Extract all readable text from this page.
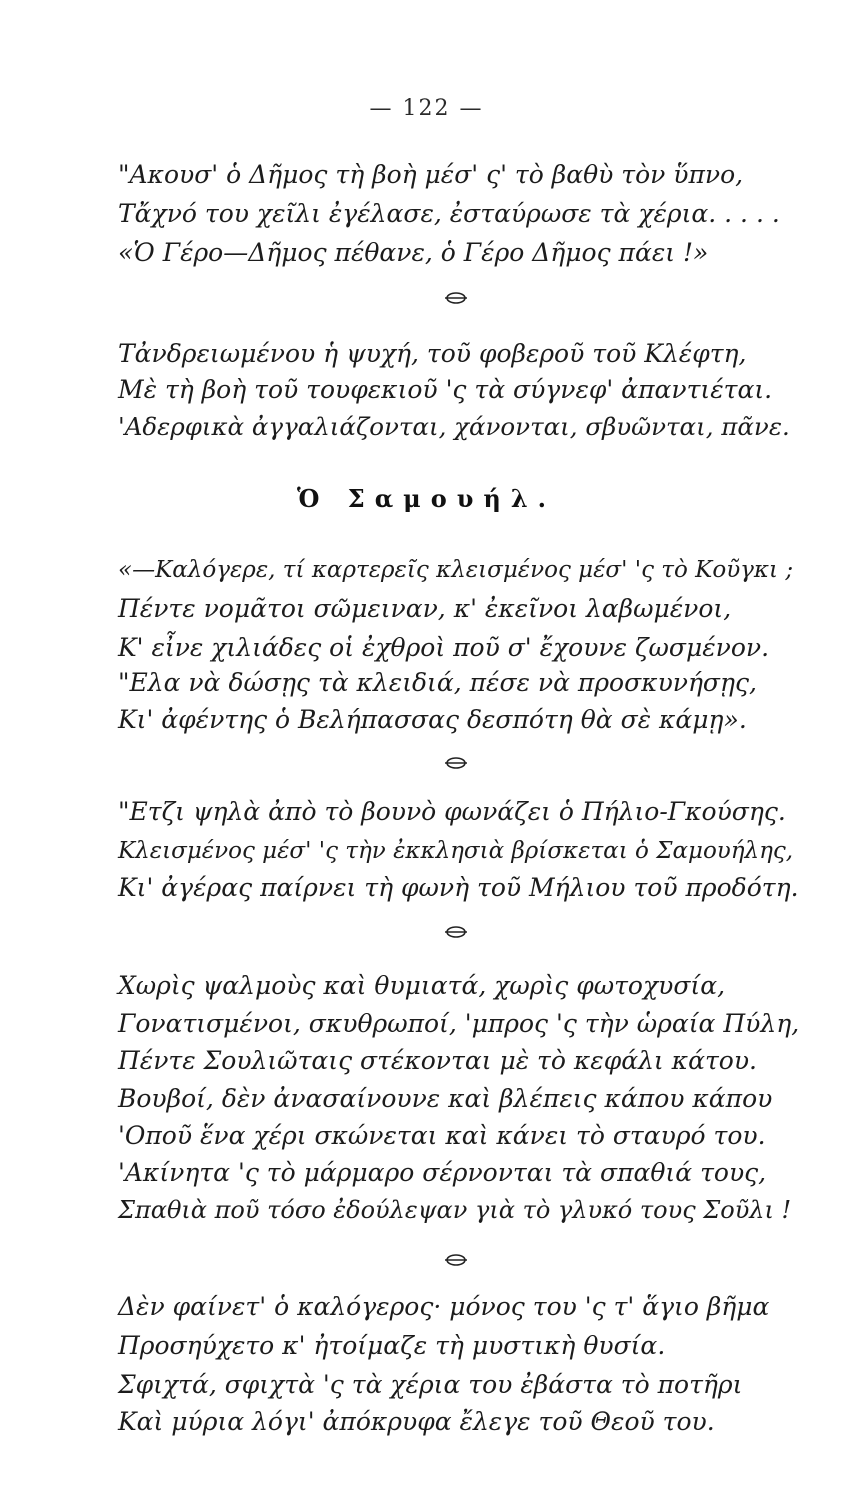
— 122 —
"Ακουσ' ὁ Δῆμος τὴ βοὴ μέσ' ς' τὸ βαθὺ τὸν ὕπνο,
Τἄχνό του χεῖλι ἐγέλασε, ἐσταύρωσε τὰ χέρια. . . . .
«Ὁ Γέρο—Δῆμος πέθανε, ὁ Γέρο Δῆμος πάει !»
Τἀνδρειωμένου ἡ ψυχή, τοῦ φοβεροῦ τοῦ Κλέφτη,
Μὲ τὴ βοὴ τοῦ τουφεκιοῦ 'ς τὰ σύγνεφ' ἀπαντιέται.
'Αδερφικὰ ἀγγαλιάζονται, χάνονται, σβυῶνται, πᾶνε.
Ὁ Σαμουήλ.
«—Καλόγερε, τί καρτερεῖς κλεισμένος μέσ' 'ς τὸ Κοῦγκι ;
Πέντε νομᾶτοι σῶμειναν, κ' ἐκεῖνοι λαβωμένοι,
Κ' εἶνε χιλιάδες οἱ ἐχθροὶ ποῦ σ' ἔχουνε ζωσμένον.
"Ελα νὰ δώσῃς τὰ κλειδιά, πέσε νὰ προσκυνήσῃς,
Κι' ἀφέντης ὁ Βελήπασσας δεσπότη θὰ σὲ κάμῃ».
"Ετζι ψηλὰ ἀπὸ τὸ βουνὸ φωνάζει ὁ Πήλιο-Γκούσης.
Κλεισμένος μέσ' 'ς τὴν ἐκκλησιὰ βρίσκεται ὁ Σαμουήλης,
Κι' ἀγέρας παίρνει τὴ φωνὴ τοῦ Μήλιου τοῦ προδότη.
Χωρὶς ψαλμοὺς καὶ θυμιατά, χωρὶς φωτοχυσία,
Γονατισμένοι, σκυθρωποί, 'μπρος 'ς τὴν ὡραία Πύλη,
Πέντε Σουλιῶταις στέκονται μὲ τὸ κεφάλι κάτου.
Βουβοί, δὲν ἀνασαίνουνε καὶ βλέπεις κάπου κάπου
'Οποῦ ἕνα χέρι σκώνεται καὶ κάνει τὸ σταυρό του.
'Ακίνητα 'ς τὸ μάρμαρο σέρνονται τὰ σπαθιά τους,
Σπαθιὰ ποῦ τόσο ἐδούλεψαν γιὰ τὸ γλυκό τους Σοῦλι !
Δὲν φαίνετ' ὁ καλόγερος· μόνος του 'ς τ' ἅγιο βῆμα
Προσηύχετο κ' ἠτοίμαζε τὴ μυστικὴ θυσία.
Σφιχτά, σφιχτὰ 'ς τὰ χέρια του ἐβάστα τὸ ποτῆρι
Καὶ μύρια λόγι' ἀπόκρυφα ἔλεγε τοῦ Θεοῦ του.
